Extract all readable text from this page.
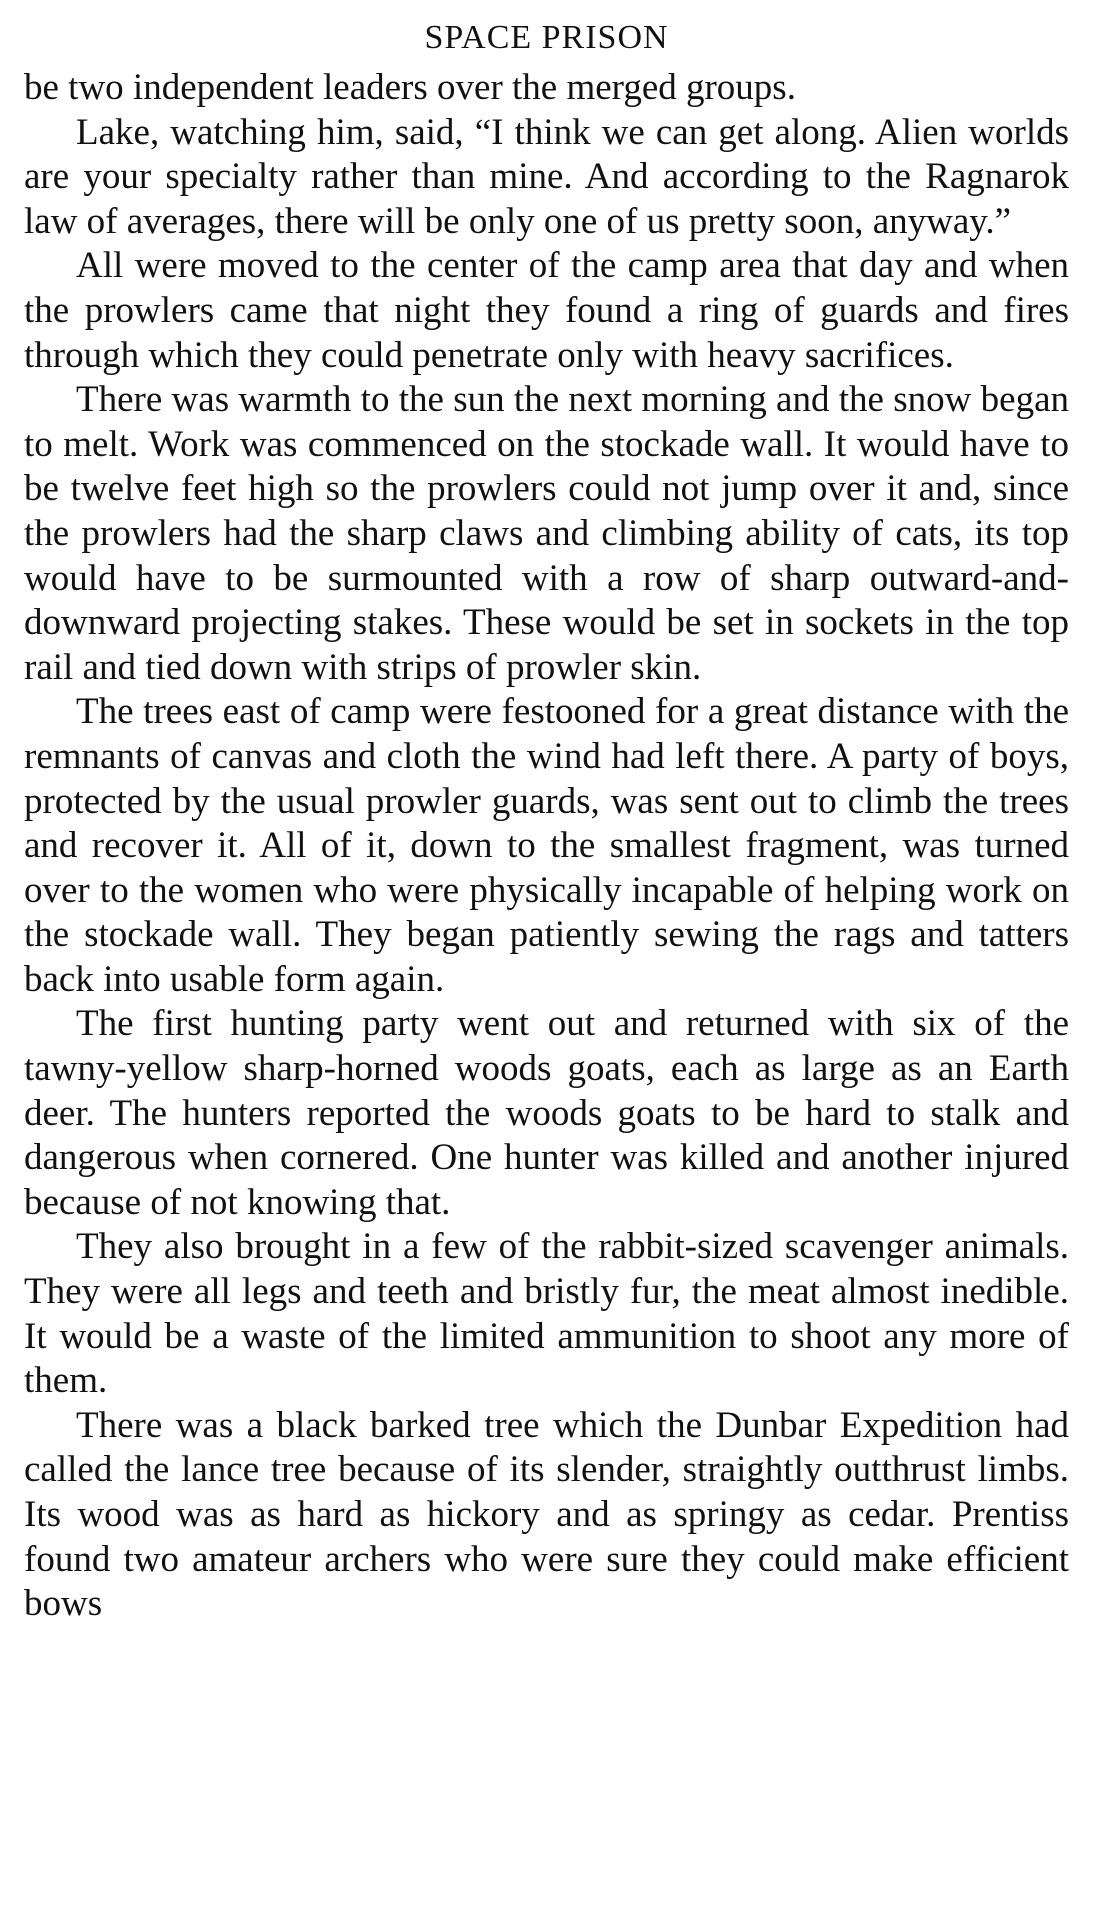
SPACE PRISON

be two independent leaders over the merged groups.

Lake, watching him, said, “I think we can get along. Alien worlds are your specialty rather than mine. And according to the Ragnarok law of averages, there will be only one of us pretty soon, anyway.”

All were moved to the center of the camp area that day and when the prowlers came that night they found a ring of guards and fires through which they could penetrate only with heavy sacrifices.

There was warmth to the sun the next morning and the snow began to melt. Work was commenced on the stockade wall. It would have to be twelve feet high so the prowlers could not jump over it and, since the prowlers had the sharp claws and climbing ability of cats, its top would have to be surmounted with a row of sharp outward-and-downward projecting stakes. These would be set in sockets in the top rail and tied down with strips of prowler skin.

The trees east of camp were festooned for a great distance with the remnants of canvas and cloth the wind had left there. A party of boys, protected by the usual prowler guards, was sent out to climb the trees and recover it. All of it, down to the smallest fragment, was turned over to the women who were physically incapable of helping work on the stockade wall. They began patiently sewing the rags and tatters back into usable form again.

The first hunting party went out and returned with six of the tawny-yellow sharp-horned woods goats, each as large as an Earth deer. The hunters reported the woods goats to be hard to stalk and dangerous when cornered. One hunter was killed and another injured because of not knowing that.

They also brought in a few of the rabbit-sized scavenger animals. They were all legs and teeth and bristly fur, the meat almost inedible. It would be a waste of the limited ammunition to shoot any more of them.

There was a black barked tree which the Dunbar Expedition had called the lance tree because of its slender, straightly outthrust limbs. Its wood was as hard as hickory and as springy as cedar. Prentiss found two amateur archers who were sure they could make efficient bows
